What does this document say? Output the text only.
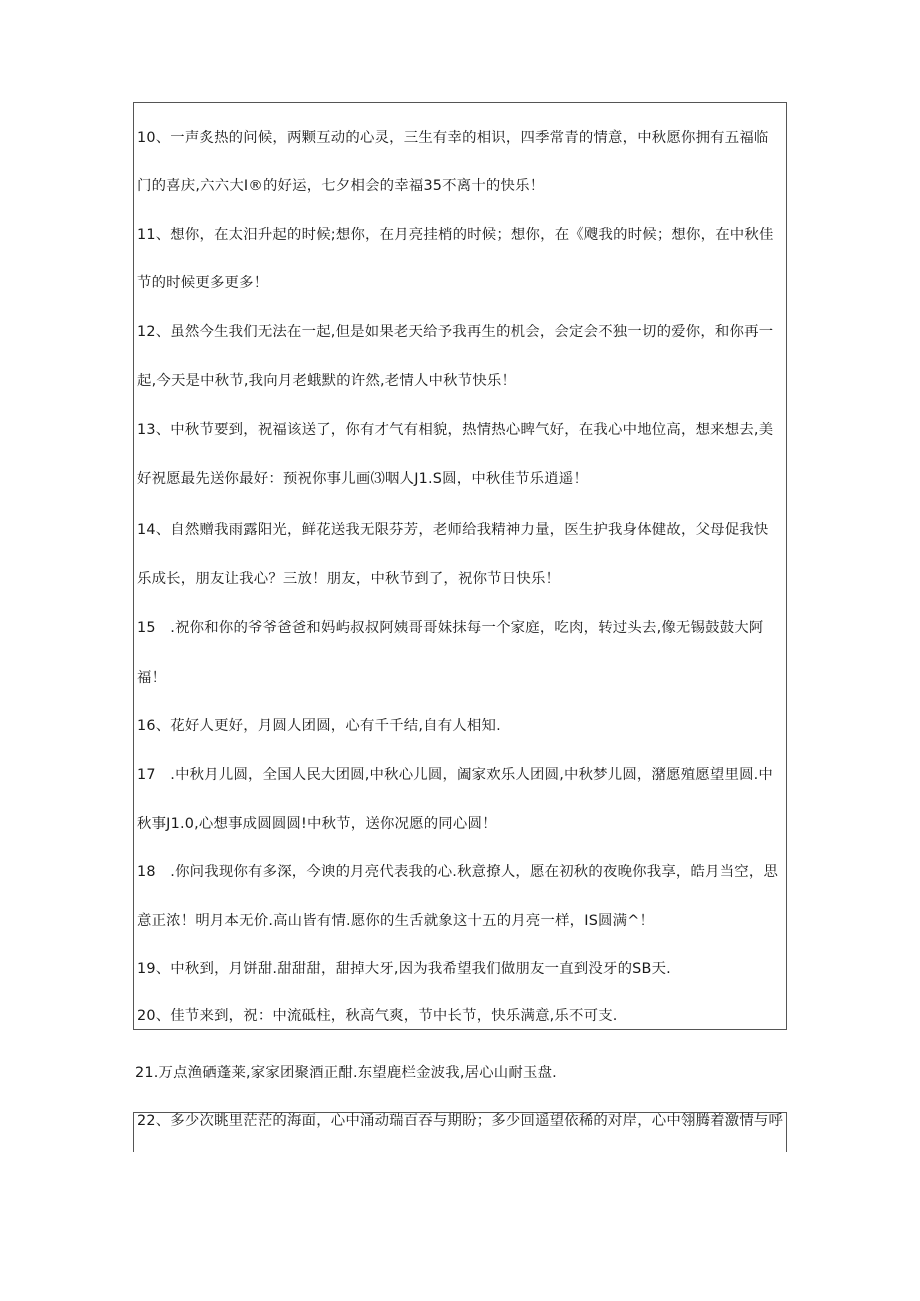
10、一声炙热的问候，两颗互动的心灵，三生有幸的相识，四季常青的情意，中秋愿你拥有五福临
门的喜庆,六六大I®的好运，七夕相会的幸福35不离十的快乐！
11、想你，在太汨升起的时候;想你，在月亮挂梢的时候；想你，在《飕我的时候；想你，在中秋佳
节的时候更多更多！
12、虽然今生我们无法在一起,但是如果老天给予我再生的机会，会定会不独一切的爱你，和你再一
起,今天是中秋节,我向月老蛾默的许然,老情人中秋节快乐！
13、中秋节要到，祝福该送了，你有才气有相貌，热情热心睥气好，在我心中地位高，想来想去,美
好祝愿最先送你最好：预祝你事儿画⑶咽人J1.S圆，中秋佳节乐逍遥！
14、自然赠我雨露阳光，鲜花送我无限芬芳，老师给我精神力量，医生护我身体健故，父母促我快
乐成长，朋友让我心？三放！朋友，中秋节到了，祝你节日快乐！
15　.祝你和你的爷爷爸爸和妈屿叔叔阿姨哥哥妹抹每一个家庭，吃肉，转过头去,像无锡鼓鼓大阿
福！
16、花好人更好，月圆人团圆，心有千千结,自有人相知.
17　.中秋月儿圆，全国人民大团圆,中秋心儿圆，阖家欢乐人团圆,中秋梦儿圆，潴愿殖愿望里圆.中
秋事J1.0,心想事成圆圆圆!中秋节，送你况愿的同心圆！
18　.你问我现你有多深，今谀的月亮代表我的心.秋意撩人，愿在初秋的夜晚你我享，皓月当空，思
意正浓！明月本无价.高山皆有情.愿你的生舌就象这十五的月亮一样，IS圆满^！
19、中秋到，月饼甜.甜甜甜，甜掉大牙,因为我希望我们做朋友一直到没牙的SB天.
20、佳节来到，祝：中流砥柱，秋高气爽，节中长节，快乐满意,乐不可支.
21.万点渔硒蓬莱,家家团聚酒正酣.东望鹿栏金波我,居心山耐玉盘.
22、多少次眺里茫茫的海面，心中涌动瑞百吞与期盼；多少回遥望依稀的对岸，心中翎腾着激情与呼
